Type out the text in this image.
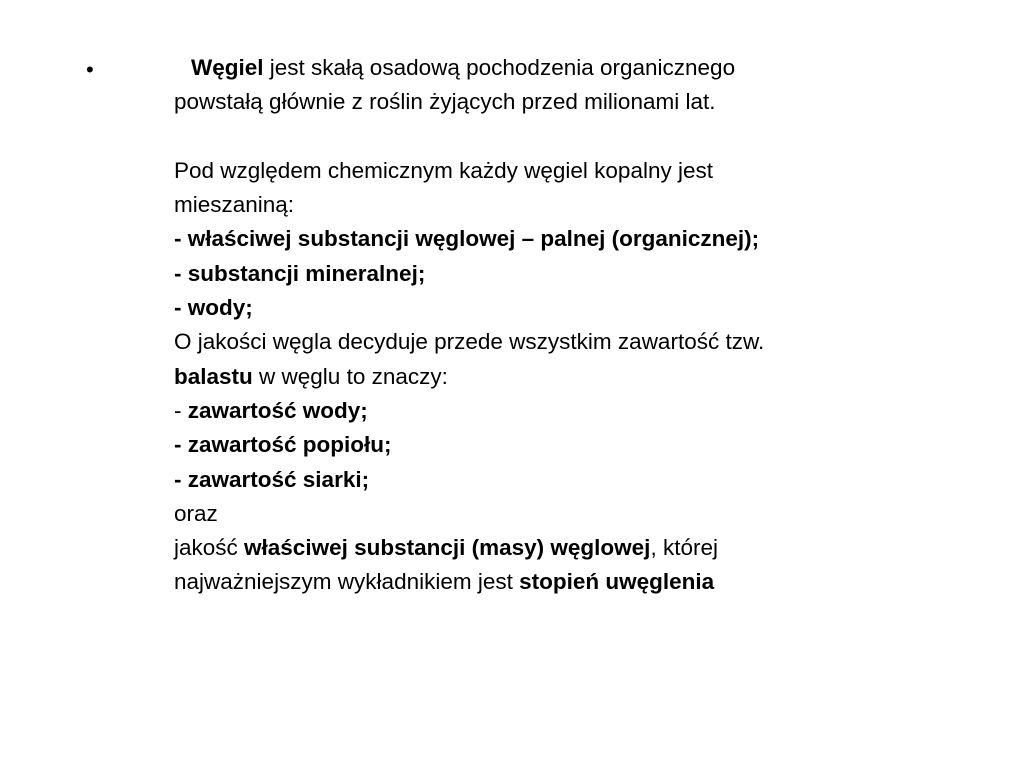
•	Węgiel jest skałą osadową pochodzenia organicznego
powstałą głównie z roślin żyjących przed milionami lat.
Pod względem chemicznym każdy węgiel kopalny jest
mieszaniną:
- właściwej substancji węglowej – palnej (organicznej);
- substancji mineralnej;
- wody;
O jakości węgla decyduje przede wszystkim zawartość tzw.
balastu w węglu to znaczy:
- zawartość wody;
- zawartość popiołu;
- zawartość siarki;
oraz
jakość właściwej substancji (masy) węglowej, której
najważniejszym wykładnikiem jest stopień uwęglenia
